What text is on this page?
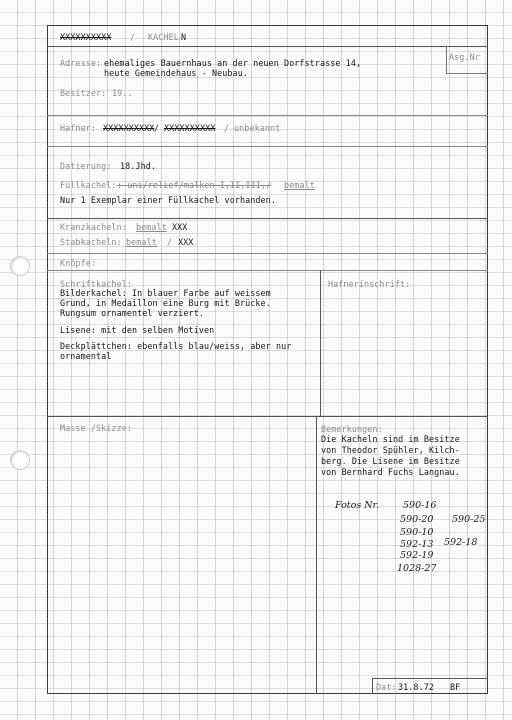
Asg.Nr
XXXXXXXXXX / KACHEL N
Adresse: ehemaliges Bauernhaus an der neuen Dorfstrasse 14,
heute Gemeindehaus - Neubau.
Besitzer: 19..
Hafner: XXXXXXXXXX / XXXXXXXXXX / unbekannt
Datierung: 18.Jhd.
Füllkachel: : uni/relief/malken I,II,III,/ bemalt
Nur 1 Exemplar einer Füllkachel vorhanden.
Kranzkacheln: bemalt XXX
Stabkacheln: bemalt / XXX
Knöpfe:
Schriftkachel:
Bilderkachel: In blauer Farbe auf weissem
Grund, in Medaillon eine Burg mit Brücke.
Rungsum ornamentel verziert.
Lisene: mit den selben Motiven
Deckplättchen: ebenfalls blau/weiss, aber nur
ornamental
Hafnerinschrift:
Masse /Skizze:	Bemerkungen:
Die Kacheln sind im Besitze
von Theodor Spühler, Kilch-
berg. Die Lisene im Besitze
von Bernhard Fuchs Langnau.
Fotos Nr.	590-16
590-20 590-25
590-10
592-13 592-18
592-19
1028-27
Dat: 31.8.72 BF
